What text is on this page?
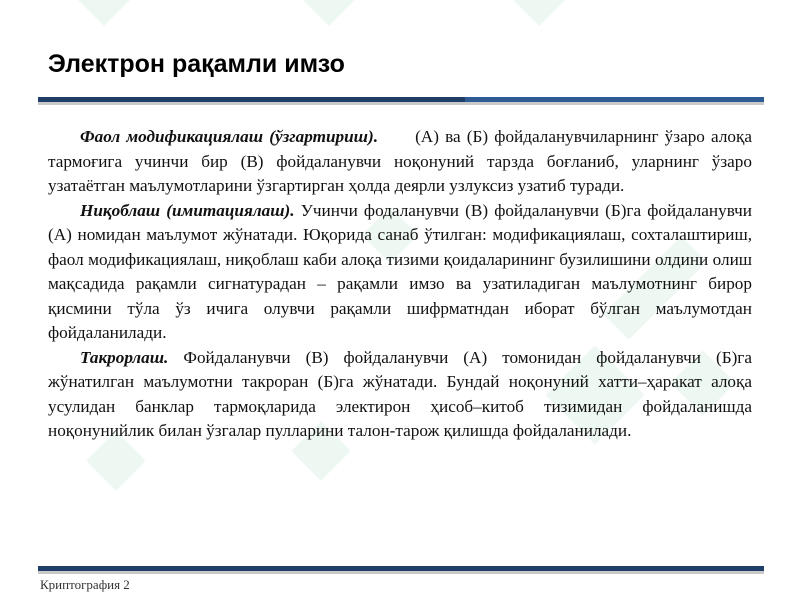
Электрон рақамли имзо

Фаол модификациялаш (ўзгартириш).      (А) ва (Б) фойдаланувчиларнинг ўзаро алоқа тармоғига учинчи бир (В) фойдаланувчи ноқонуний тарзда боғланиб, уларнинг ўзаро узатаётган маълумотларини ўзгартирган ҳолда деярли узлуксиз узатиб туради.

Ниқоблаш (имитациялаш). Учинчи фодаланувчи (В) фойдаланувчи (Б)га фойдаланувчи (А) номидан маълумот жўнатади. Юқорида санаб ўтилган: модификациялаш, сохталаштириш, фаол модификациялаш, ниқоблаш каби алоқа тизими қоидаларининг бузилишини олдини олиш мақсадида рақамли сигнатурадан – рақамли имзо ва узатиладиган маълумотнинг бирор қисмини тўла ўз ичига олувчи рақамли шифрматндан иборат бўлган маълумотдан фойдаланилади.

Такрорлаш. Фойдаланувчи (В) фойдаланувчи (А) томонидан фойдаланувчи (Б)га жўнатилган маълумотни такроран (Б)га жўнатади. Бундай ноқонуний хатти–ҳаракат алоқа усулидан банклар тармоқларида электирон ҳисоб–китоб тизимидан фойдаланишда ноқонунийлик билан ўзгалар пулларини талон-тарож қилишда фойдаланилади.

Криптография 2
